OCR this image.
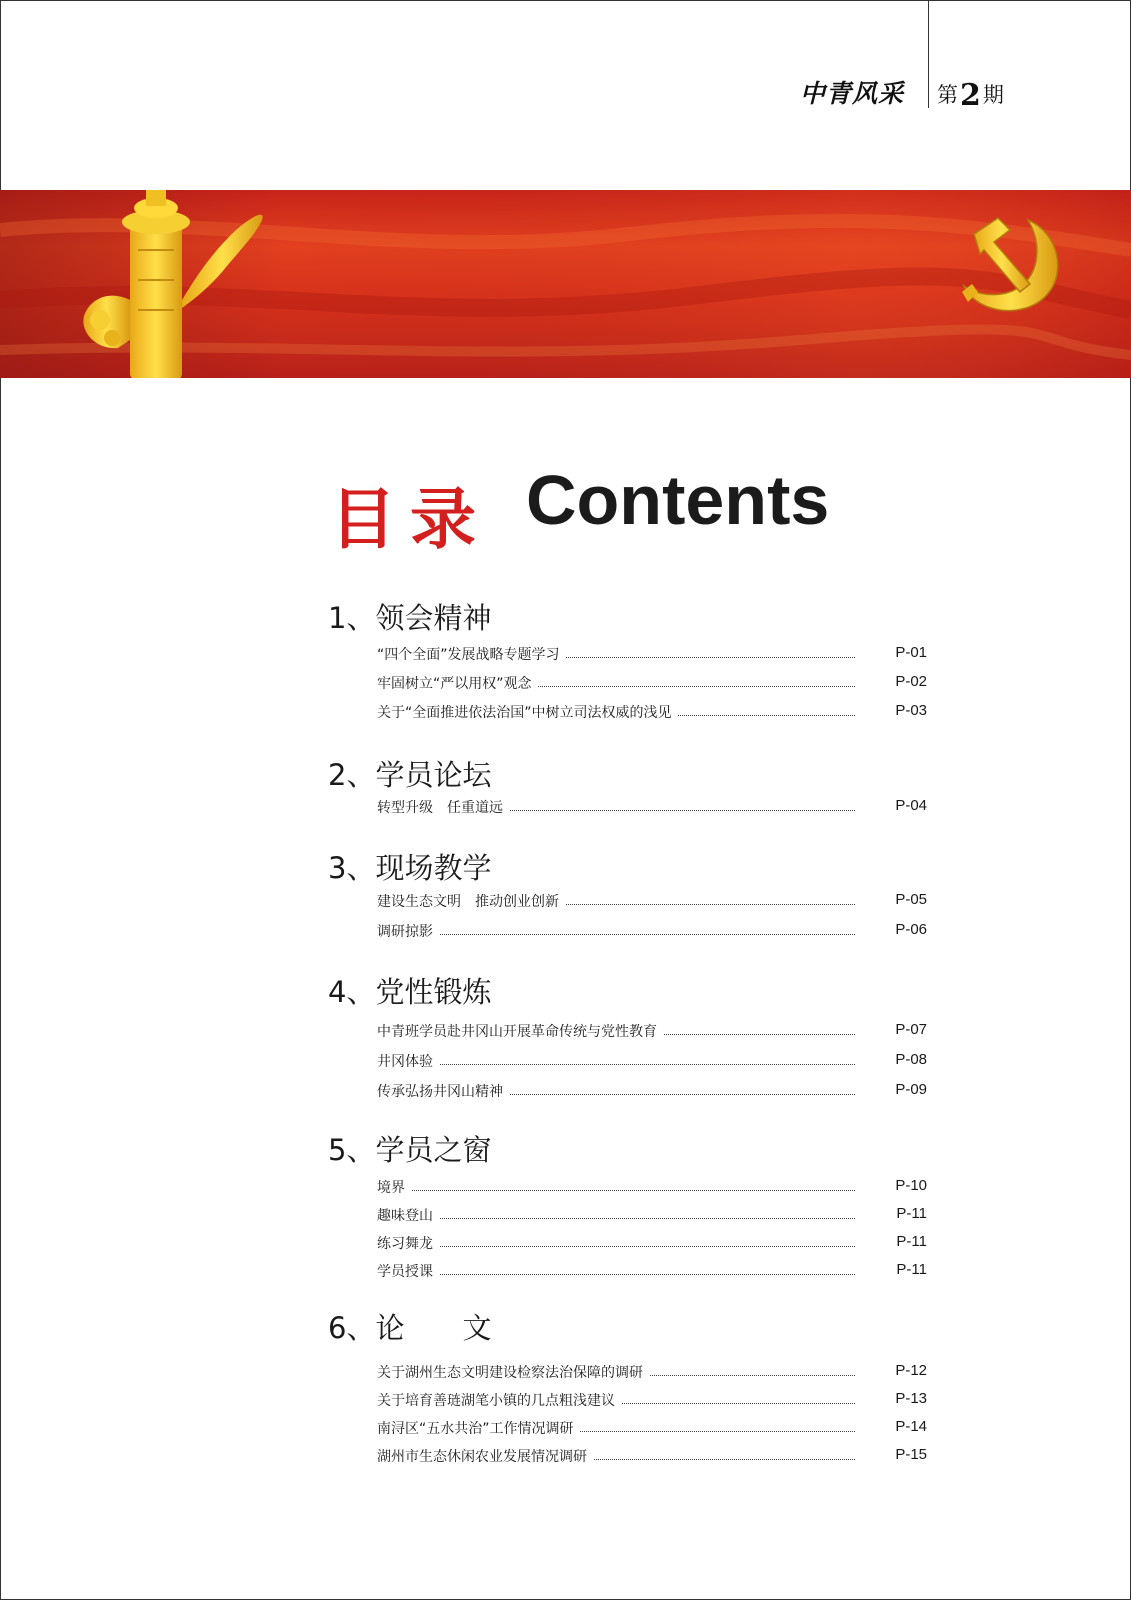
中青风采 第2期
目录 Contents
1、领会精神
“四个全面”发展战略专题学习	P-01
牢固树立“严以用权”观念	P-02
关于“全面推进依法治国”中树立司法权威的浅见	P-03
2、学员论坛
转型升级　任重道远	P-04
3、现场教学
建设生态文明　推动创业创新	P-05
调研掠影	P-06
4、党性锻炼
中青班学员赴井冈山开展革命传统与党性教育	P-07
井冈体验	P-08
传承弘扬井冈山精神	P-09
5、学员之窗
境界	P-10
趣味登山	P-11
练习舞龙	P-11
学员授课	P-11
6、论　　文
关于湖州生态文明建设检察法治保障的调研	P-12
关于培育善琏湖笔小镇的几点粗浅建议	P-13
南浔区“五水共治”工作情况调研	P-14
湖州市生态休闲农业发展情况调研	P-15
